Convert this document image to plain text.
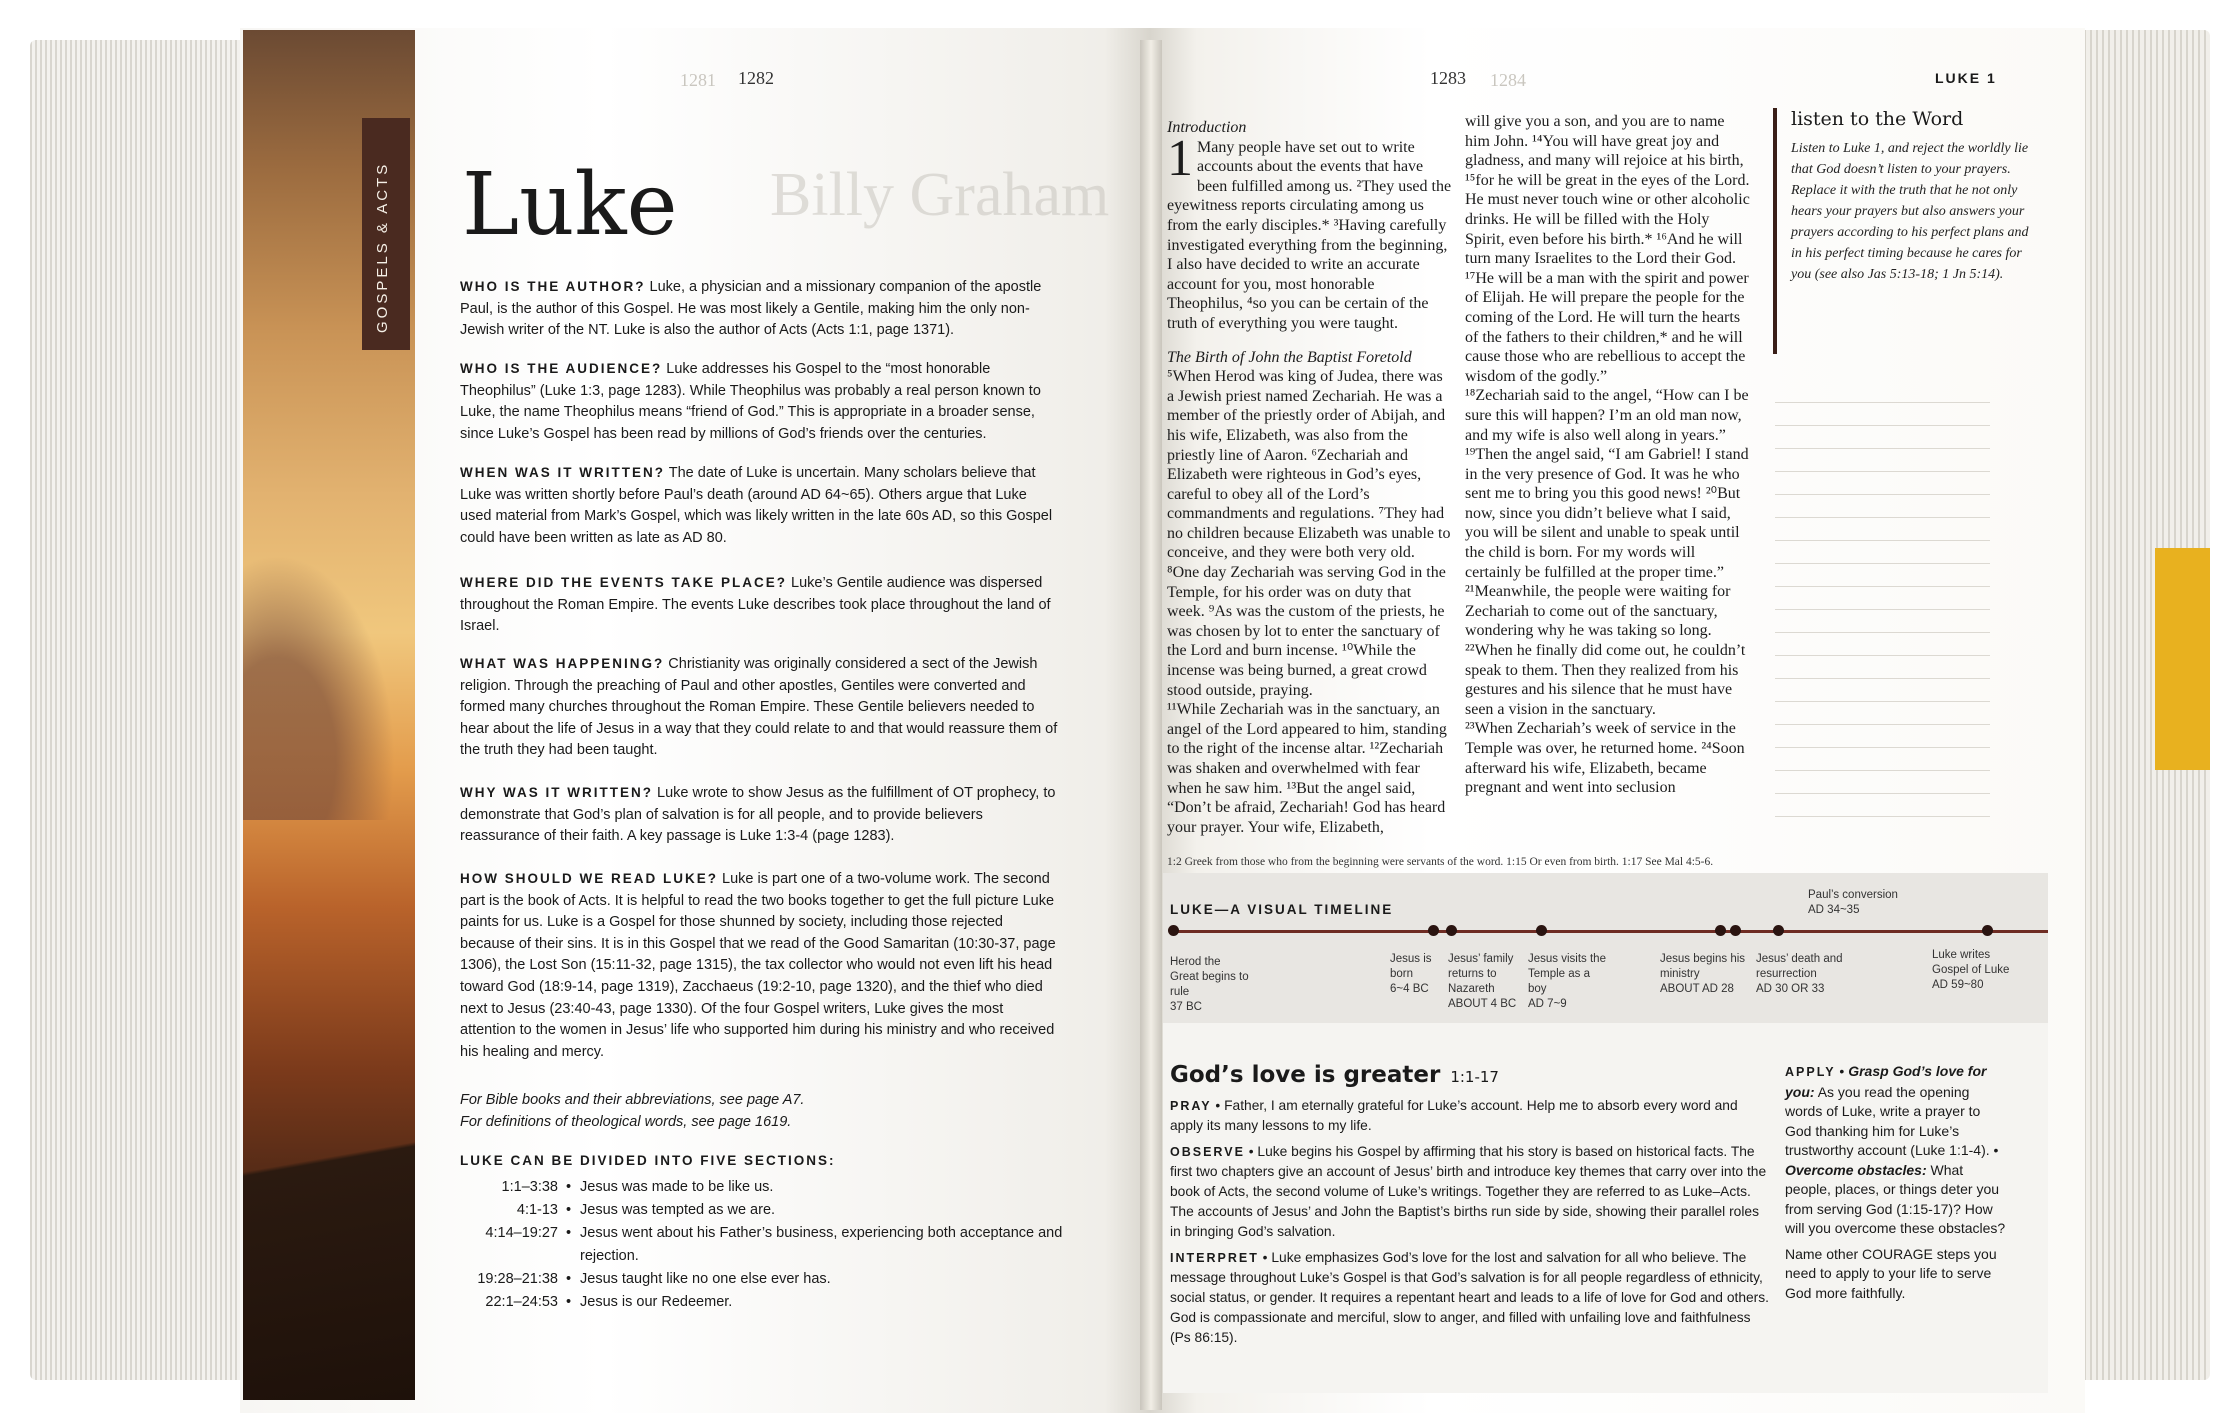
GOSPELS & ACTS
1281 1282
Billy Graham
Luke
WHO IS THE AUTHOR? Luke, a physician and a missionary companion of the apostle Paul, is the author of this Gospel. He was most likely a Gentile, making him the only non-Jewish writer of the NT. Luke is also the author of Acts (Acts 1:1, page 1371).
WHO IS THE AUDIENCE? Luke addresses his Gospel to the “most honorable Theophilus” (Luke 1:3, page 1283). While Theophilus was probably a real person known to Luke, the name Theophilus means “friend of God.” This is appropriate in a broader sense, since Luke’s Gospel has been read by millions of God’s friends over the centuries.
WHEN WAS IT WRITTEN? The date of Luke is uncertain. Many scholars believe that Luke was written shortly before Paul’s death (around AD 64~65). Others argue that Luke used material from Mark’s Gospel, which was likely written in the late 60s AD, so this Gospel could have been written as late as AD 80.
WHERE DID THE EVENTS TAKE PLACE? Luke’s Gentile audience was dispersed throughout the Roman Empire. The events Luke describes took place throughout the land of Israel.
WHAT WAS HAPPENING? Christianity was originally considered a sect of the Jewish religion. Through the preaching of Paul and other apostles, Gentiles were converted and formed many churches throughout the Roman Empire. These Gentile believers needed to hear about the life of Jesus in a way that they could relate to and that would reassure them of the truth they had been taught.
WHY WAS IT WRITTEN? Luke wrote to show Jesus as the fulfillment of OT prophecy, to demonstrate that God’s plan of salvation is for all people, and to provide believers reassurance of their faith. A key passage is Luke 1:3-4 (page 1283).
HOW SHOULD WE READ LUKE? Luke is part one of a two-volume work. The second part is the book of Acts. It is helpful to read the two books together to get the full picture Luke paints for us. Luke is a Gospel for those shunned by society, including those rejected because of their sins. It is in this Gospel that we read of the Good Samaritan (10:30-37, page 1306), the Lost Son (15:11-32, page 1315), the tax collector who would not even lift his head toward God (18:9-14, page 1319), Zacchaeus (19:2-10, page 1320), and the thief who died next to Jesus (23:40-43, page 1330). Of the four Gospel writers, Luke gives the most attention to the women in Jesus’ life who supported him during his ministry and who received his healing and mercy.
For Bible books and their abbreviations, see page A7.
For definitions of theological words, see page 1619.
LUKE CAN BE DIVIDED INTO FIVE SECTIONS:
1:1–3:38 • Jesus was made to be like us.
4:1-13 • Jesus was tempted as we are.
4:14–19:27 • Jesus went about his Father’s business, experiencing both acceptance and rejection.
19:28–21:38 • Jesus taught like no one else ever has.
22:1–24:53 • Jesus is our Redeemer.
1283 1284	LUKE 1
Introduction
1 Many people have set out to write accounts about the events that have been fulfilled among us. ²They used the eyewitness reports circulating among us from the early disciples.* ³Having carefully investigated everything from the beginning, I also have decided to write an accurate account for you, most honorable Theophilus, ⁴so you can be certain of the truth of everything you were taught.
The Birth of John the Baptist Foretold
⁵When Herod was king of Judea, there was a Jewish priest named Zechariah. He was a member of the priestly order of Abijah, and his wife, Elizabeth, was also from the priestly line of Aaron. ⁶Zechariah and Elizabeth were righteous in God’s eyes, careful to obey all of the Lord’s commandments and regulations. ⁷They had no children because Elizabeth was unable to conceive, and they were both very old.
⁸One day Zechariah was serving God in the Temple, for his order was on duty that week. ⁹As was the custom of the priests, he was chosen by lot to enter the sanctuary of the Lord and burn incense. ¹⁰While the incense was being burned, a great crowd stood outside, praying.
¹¹While Zechariah was in the sanctuary, an angel of the Lord appeared to him, standing to the right of the incense altar. ¹²Zechariah was shaken and overwhelmed with fear when he saw him. ¹³But the angel said, “Don’t be afraid, Zechariah! God has heard your prayer. Your wife, Elizabeth,
will give you a son, and you are to name him John. ¹⁴You will have great joy and gladness, and many will rejoice at his birth, ¹⁵for he will be great in the eyes of the Lord. He must never touch wine or other alcoholic drinks. He will be filled with the Holy Spirit, even before his birth.* ¹⁶And he will turn many Israelites to the Lord their God. ¹⁷He will be a man with the spirit and power of Elijah. He will prepare the people for the coming of the Lord. He will turn the hearts of the fathers to their children,* and he will cause those who are rebellious to accept the wisdom of the godly.”
¹⁸Zechariah said to the angel, “How can I be sure this will happen? I’m an old man now, and my wife is also well along in years.”
¹⁹Then the angel said, “I am Gabriel! I stand in the very presence of God. It was he who sent me to bring you this good news! ²⁰But now, since you didn’t believe what I said, you will be silent and unable to speak until the child is born. For my words will certainly be fulfilled at the proper time.”
²¹Meanwhile, the people were waiting for Zechariah to come out of the sanctuary, wondering why he was taking so long. ²²When he finally did come out, he couldn’t speak to them. Then they realized from his gestures and his silence that he must have seen a vision in the sanctuary.
²³When Zechariah’s week of service in the Temple was over, he returned home. ²⁴Soon afterward his wife, Elizabeth, became pregnant and went into seclusion
listen to the Word
Listen to Luke 1, and reject the worldly lie that God doesn’t listen to your prayers. Replace it with the truth that he not only hears your prayers but also answers your prayers according to his perfect plans and in his perfect timing because he cares for you (see also Jas 5:13-18; 1 Jn 5:14).
1:2 Greek from those who from the beginning were servants of the word. 1:15 Or even from birth. 1:17 See Mal 4:5-6.
LUKE—A VISUAL TIMELINE
Herod the Great begins to rule
37 BC
Jesus is born
6~4 BC
Jesus’ family returns to Nazareth
ABOUT 4 BC
Jesus visits the Temple as a boy
AD 7~9
Jesus begins his ministry
ABOUT AD 28
Jesus’ death and resurrection
AD 30 OR 33
Paul’s conversion
AD 34~35
Luke writes Gospel of Luke
AD 59~80
God’s love is greater 1:1-17
PRAY • Father, I am eternally grateful for Luke’s account. Help me to absorb every word and apply its many lessons to my life.
OBSERVE • Luke begins his Gospel by affirming that his story is based on historical facts. The first two chapters give an account of Jesus’ birth and introduce key themes that carry over into the book of Acts, the second volume of Luke’s writings. Together they are referred to as Luke–Acts. The accounts of Jesus’ and John the Baptist’s births run side by side, showing their parallel roles in bringing God’s salvation.
INTERPRET • Luke emphasizes God’s love for the lost and salvation for all who believe. The message throughout Luke’s Gospel is that God’s salvation is for all people regardless of ethnicity, social status, or gender. It requires a repentant heart and leads to a life of love for God and others. God is compassionate and merciful, slow to anger, and filled with unfailing love and faithfulness (Ps 86:15).
APPLY • Grasp God’s love for you: As you read the opening words of Luke, write a prayer to God thanking him for Luke’s trustworthy account (Luke 1:1-4). • Overcome obstacles: What people, places, or things deter you from serving God (1:15-17)? How will you overcome these obstacles?
Name other COURAGE steps you need to apply to your life to serve God more faithfully.
